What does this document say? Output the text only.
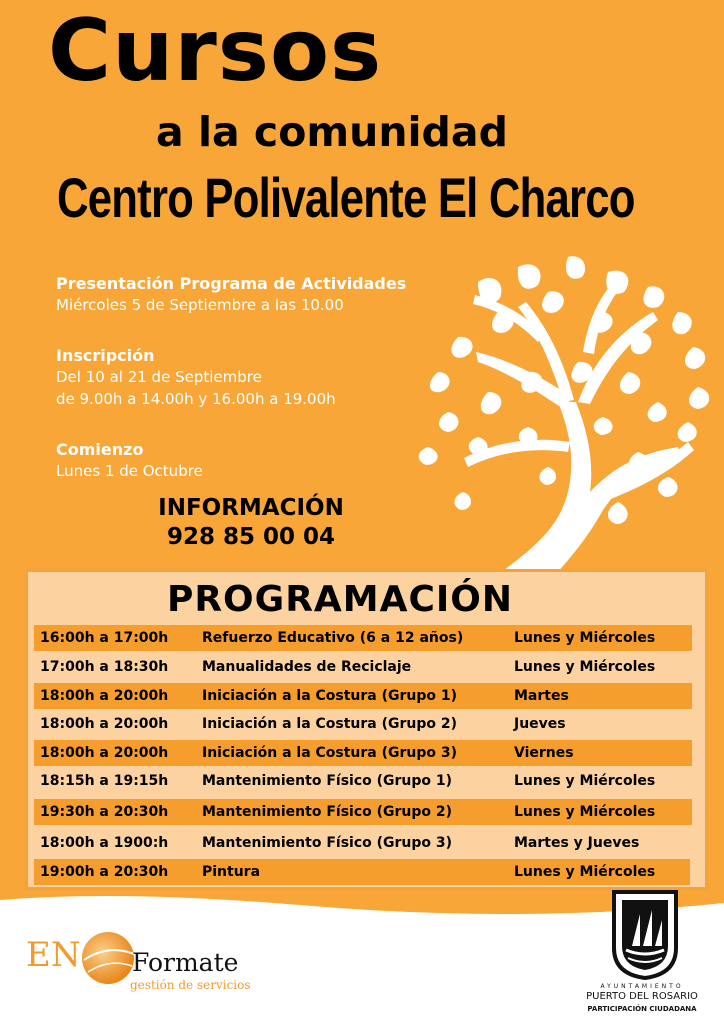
Cursos
a la comunidad
Centro Polivalente El Charco
Presentación Programa de Actividades
Miércoles 5 de Septiembre a las 10.00
Inscripción
Del 10 al 21 de Septiembre
de 9.00h a 14.00h y 16.00h a 19.00h
Comienzo
Lunes 1 de Octubre
INFORMACIÓN
928 85 00 04
PROGRAMACIÓN
16:00h a 17:00h Refuerzo Educativo (6 a 12 años)	Lunes y Miércoles
17:00h a 18:30h Manualidades de Reciclaje	Lunes y Miércoles
18:00h a 20:00h Iniciación a la Costura (Grupo 1)	Martes
18:00h a 20:00h Iniciación a la Costura (Grupo 2)	Jueves
18:00h a 20:00h Iniciación a la Costura (Grupo 3)	Viernes
18:15h a 19:15h Mantenimiento Físico (Grupo 1)	Lunes y Miércoles
19:30h a 20:30h Mantenimiento Físico (Grupo 2)	Lunes y Miércoles
18:00h a 1900:h Mantenimiento Físico (Grupo 3)	Martes y Jueves
19:00h a 20:30h Pintura	Lunes y Miércoles
EN Formate
gestión de servicios	AYUNTAMIENTO
PUERTO DEL ROSARIO
PARTICIPACIÓN CIUDADANA
